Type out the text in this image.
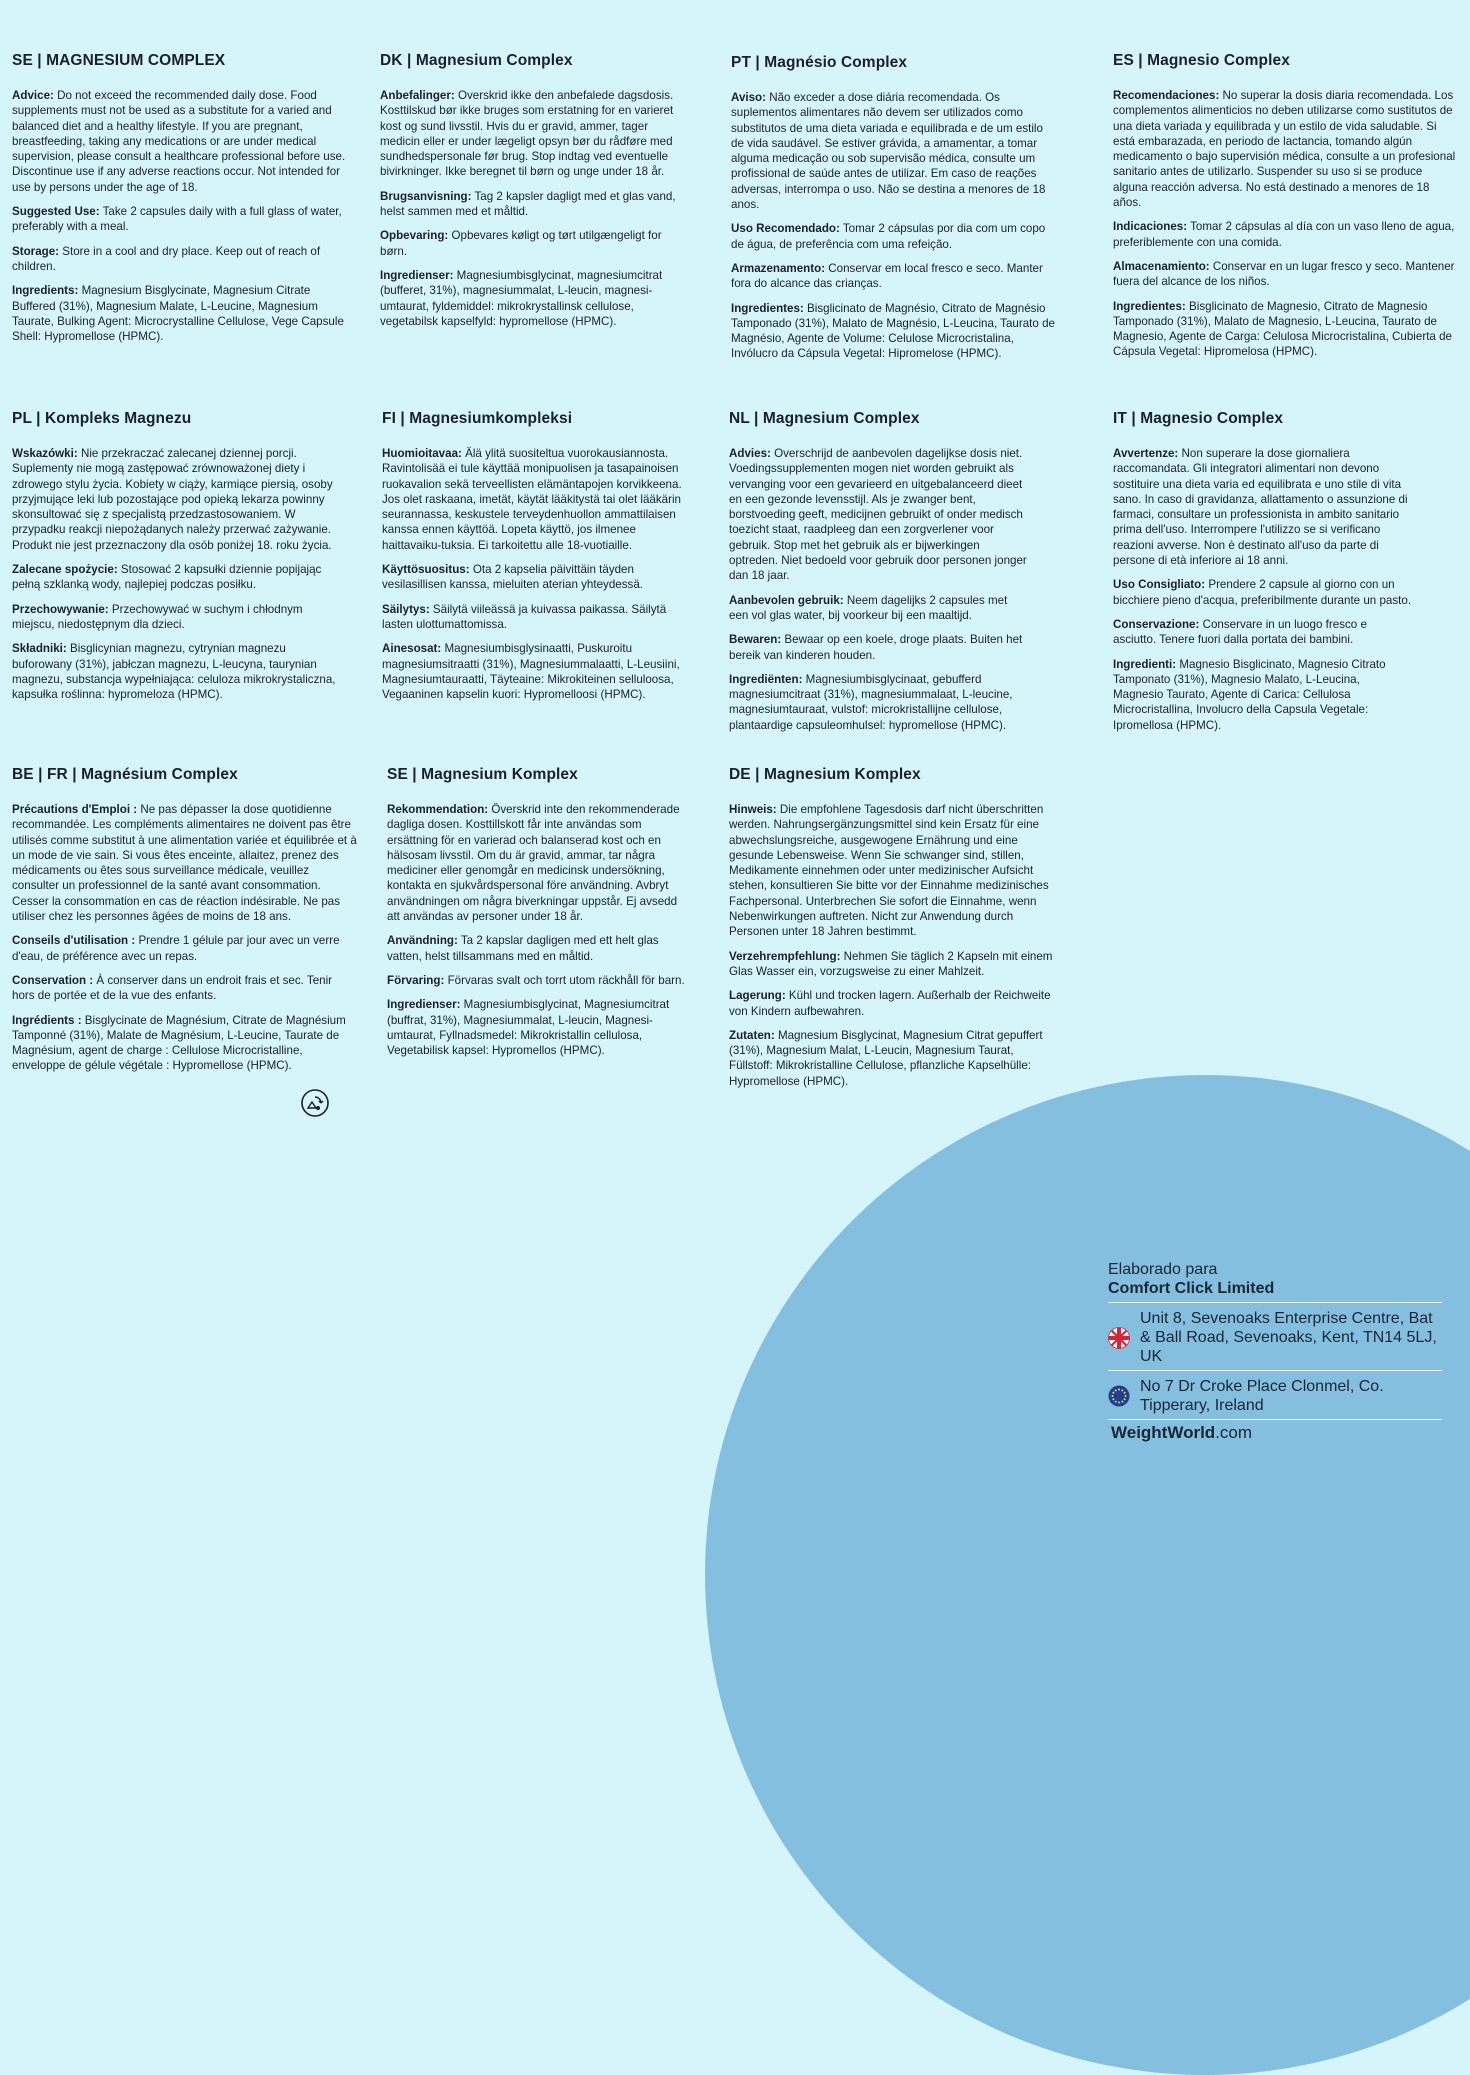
SE | MAGNESIUM COMPLEX

Advice: Do not exceed the recommended daily dose. Food supplements must not be used as a substitute for a varied and balanced diet and a healthy lifestyle. If you are pregnant, breastfeeding, taking any medications or are under medical supervision, please consult a healthcare professional before use. Discontinue use if any adverse reactions occur. Not intended for use by persons under the age of 18.

Suggested Use: Take 2 capsules daily with a full glass of water, preferably with a meal.

Storage: Store in a cool and dry place. Keep out of reach of children.

Ingredients: Magnesium Bisglycinate, Magnesium Citrate Buffered (31%), Magnesium Malate, L-Leucine, Magnesium Taurate, Bulking Agent: Microcrystalline Cellulose, Vege Capsule Shell: Hypromellose (HPMC).

DK | Magnesium Complex

Anbefalinger: Overskrid ikke den anbefalede dagsdosis. Kosttilskud bør ikke bruges som erstatning for en varieret kost og sund livsstil. Hvis du er gravid, ammer, tager medicin eller er under lægeligt opsyn bør du rådføre med sundhedspersonale før brug. Stop indtag ved eventuelle bivirkninger. Ikke beregnet til børn og unge under 18 år.

Brugsanvisning: Tag 2 kapsler dagligt med et glas vand, helst sammen med et måltid.

Opbevaring: Opbevares køligt og tørt utilgængeligt for børn.

Ingredienser: Magnesiumbisglycinat, magnesiumcitrat (bufferet, 31%), magnesiummalat, L-leucin, magnesi-umtaurat, fyldemiddel: mikrokrystallinsk cellulose, vegetabilsk kapselfyld: hypromellose (HPMC).

PT | Magnésio Complex

Aviso: Não exceder a dose diária recomendada. Os suplementos alimentares não devem ser utilizados como substitutos de uma dieta variada e equilibrada e de um estilo de vida saudável. Se estiver grávida, a amamentar, a tomar alguma medicação ou sob supervisão médica, consulte um profissional de saúde antes de utilizar. Em caso de reações adversas, interrompa o uso. Não se destina a menores de 18 anos.

Uso Recomendado: Tomar 2 cápsulas por dia com um copo de água, de preferência com uma refeição.

Armazenamento: Conservar em local fresco e seco. Manter fora do alcance das crianças.

Ingredientes: Bisglicinato de Magnésio, Citrato de Magnésio Tamponado (31%), Malato de Magnésio, L-Leucina, Taurato de Magnésio, Agente de Volume: Celulose Microcristalina, Invólucro da Cápsula Vegetal: Hipromelose (HPMC).

ES | Magnesio Complex

Recomendaciones: No superar la dosis diaria recomendada. Los complementos alimenticios no deben utilizarse como sustitutos de una dieta variada y equilibrada y un estilo de vida saludable. Si está embarazada, en periodo de lactancia, tomando algún medicamento o bajo supervisión médica, consulte a un profesional sanitario antes de utilizarlo. Suspender su uso si se produce alguna reacción adversa. No está destinado a menores de 18 años.

Indicaciones: Tomar 2 cápsulas al día con un vaso lleno de agua, preferiblemente con una comida.

Almacenamiento: Conservar en un lugar fresco y seco. Mantener fuera del alcance de los niños.

Ingredientes: Bisglicinato de Magnesio, Citrato de Magnesio Tamponado (31%), Malato de Magnesio, L-Leucina, Taurato de Magnesio, Agente de Carga: Celulosa Microcristalina, Cubierta de Cápsula Vegetal: Hipromelosa (HPMC).

PL | Kompleks Magnezu

Wskazówki: Nie przekraczać zalecanej dziennej porcji. Suplementy nie mogą zastępować zrównoważonej diety i zdrowego stylu życia. Kobiety w ciąży, karmiące piersią, osoby przyjmujące leki lub pozostające pod opieką lekarza powinny skonsultować się z specjalistą przedzastosowaniem. W przypadku reakcji niepożądanych należy przerwać zażywanie. Produkt nie jest przeznaczony dla osób poniżej 18. roku życia.

Zalecane spożycie: Stosować 2 kapsułki dziennie popijając pełną szklanką wody, najlepiej podczas posiłku.

Przechowywanie: Przechowywać w suchym i chłodnym miejscu, niedostępnym dla dzieci.

Składniki: Bisglicynian magnezu, cytrynian magnezu buforowany (31%), jabłczan magnezu, L-leucyna, taurynian magnezu, substancja wypełniająca: celuloza mikrokrystaliczna, kapsułka roślinna: hypromeloza (HPMC).

FI | Magnesiumkompleksi

Huomioitavaa: Älä ylitä suositeltua vuorokausiannosta. Ravintolisää ei tule käyttää monipuolisen ja tasapainoisen ruokavalion sekä terveellisten elämäntapojen korvikkeena. Jos olet raskaana, imetät, käytät lääkitystä tai olet lääkärin seurannassa, keskustele terveydenhuollon ammattilaisen kanssa ennen käyttöä. Lopeta käyttö, jos ilmenee haittavaiku-tuksia. Ei tarkoitettu alle 18-vuotiaille.

Käyttösuositus: Ota 2 kapselia päivittäin täyden vesilasillisen kanssa, mieluiten aterian yhteydessä.

Säilytys: Säilytä viileässä ja kuivassa paikassa. Säilytä lasten ulottumattomissa.

Ainesosat: Magnesiumbisglysinaatti, Puskuroitu magnesiumsitraatti (31%), Magnesiummalaatti, L-Leusiini, Magnesiumtauraatti, Täyteaine: Mikrokiteinen selluloosa, Vegaaninen kapselin kuori: Hypromelloosi (HPMC).

NL | Magnesium Complex

Advies: Overschrijd de aanbevolen dagelijkse dosis niet. Voedingssupplementen mogen niet worden gebruikt als vervanging voor een gevarieerd en uitgebalanceerd dieet en een gezonde levensstijl. Als je zwanger bent, borstvoeding geeft, medicijnen gebruikt of onder medisch toezicht staat, raadpleeg dan een zorgverlener voor gebruik. Stop met het gebruik als er bijwerkingen optreden. Niet bedoeld voor gebruik door personen jonger dan 18 jaar.

Aanbevolen gebruik: Neem dagelijks 2 capsules met een vol glas water, bij voorkeur bij een maaltijd.

Bewaren: Bewaar op een koele, droge plaats. Buiten het bereik van kinderen houden.

Ingrediënten: Magnesiumbisglycinaat, gebufferd magnesiumcitraat (31%), magnesiummalaat, L-leucine, magnesiumtauraat, vulstof: microkristallijne cellulose, plantaardige capsuleomhulsel: hypromellose (HPMC).

IT | Magnesio Complex

Avvertenze: Non superare la dose giornaliera raccomandata. Gli integratori alimentari non devono sostituire una dieta varia ed equilibrata e uno stile di vita sano. In caso di gravidanza, allattamento o assunzione di farmaci, consultare un professionista in ambito sanitario prima dell'uso. Interrompere l'utilizzo se si verificano reazioni avverse. Non è destinato all'uso da parte di persone di età inferiore ai 18 anni.

Uso Consigliato: Prendere 2 capsule al giorno con un bicchiere pieno d'acqua, preferibilmente durante un pasto.

Conservazione: Conservare in un luogo fresco e asciutto. Tenere fuori dalla portata dei bambini.

Ingredienti: Magnesio Bisglicinato, Magnesio Citrato Tamponato (31%), Magnesio Malato, L-Leucina, Magnesio Taurato, Agente di Carica: Cellulosa Microcristallina, Involucro della Capsula Vegetale: Ipromellosa (HPMC).

BE | FR | Magnésium Complex

Précautions d'Emploi : Ne pas dépasser la dose quotidienne recommandée. Les compléments alimentaires ne doivent pas être utilisés comme substitut à une alimentation variée et équilibrée et à un mode de vie sain. Si vous êtes enceinte, allaitez, prenez des médicaments ou êtes sous surveillance médicale, veuillez consulter un professionnel de la santé avant consommation. Cesser la consommation en cas de réaction indésirable. Ne pas utiliser chez les personnes âgées de moins de 18 ans.

Conseils d'utilisation : Prendre 1 gélule par jour avec un verre d'eau, de préférence avec un repas.

Conservation : À conserver dans un endroit frais et sec. Tenir hors de portée et de la vue des enfants.

Ingrédients : Bisglycinate de Magnésium, Citrate de Magnésium Tamponné (31%), Malate de Magnésium, L-Leucine, Taurate de Magnésium, agent de charge : Cellulose Microcristalline, enveloppe de gélule végétale : Hypromellose (HPMC).

SE | Magnesium Komplex

Rekommendation: Överskrid inte den rekommenderade dagliga dosen. Kosttillskott får inte användas som ersättning för en varierad och balanserad kost och en hälsosam livsstil. Om du är gravid, ammar, tar några mediciner eller genomgår en medicinsk undersökning, kontakta en sjukvårdspersonal före användning. Avbryt användningen om några biverkningar uppstår. Ej avsedd att användas av personer under 18 år.

Användning: Ta 2 kapslar dagligen med ett helt glas vatten, helst tillsammans med en måltid.

Förvaring: Förvaras svalt och torrt utom räckhåll för barn.

Ingredienser: Magnesiumbisglycinat, Magnesiumcitrat (buffrat, 31%), Magnesiummalat, L-leucin, Magnesi-umtaurat, Fyllnadsmedel: Mikrokristallin cellulosa, Vegetabilisk kapsel: Hypromellos (HPMC).

DE | Magnesium Komplex

Hinweis: Die empfohlene Tagesdosis darf nicht überschritten werden. Nahrungsergänzungsmittel sind kein Ersatz für eine abwechslungsreiche, ausgewogene Ernährung und eine gesunde Lebensweise. Wenn Sie schwanger sind, stillen, Medikamente einnehmen oder unter medizinischer Aufsicht stehen, konsultieren Sie bitte vor der Einnahme medizinisches Fachpersonal. Unterbrechen Sie sofort die Einnahme, wenn Nebenwirkungen auftreten. Nicht zur Anwendung durch Personen unter 18 Jahren bestimmt.

Verzehrempfehlung: Nehmen Sie täglich 2 Kapseln mit einem Glas Wasser ein, vorzugsweise zu einer Mahlzeit.

Lagerung: Kühl und trocken lagern. Außerhalb der Reichweite von Kindern aufbewahren.

Zutaten: Magnesium Bisglycinat, Magnesium Citrat gepuffert (31%), Magnesium Malat, L-Leucin, Magnesium Taurat, Füllstoff: Mikrokristalline Cellulose, pflanzliche Kapselhülle: Hypromellose (HPMC).

Elaborado para
Comfort Click Limited
Unit 8, Sevenoaks Enterprise Centre, Bat & Ball Road, Sevenoaks, Kent, TN14 5LJ, UK
No 7 Dr Croke Place Clonmel, Co. Tipperary, Ireland
WeightWorld.com
